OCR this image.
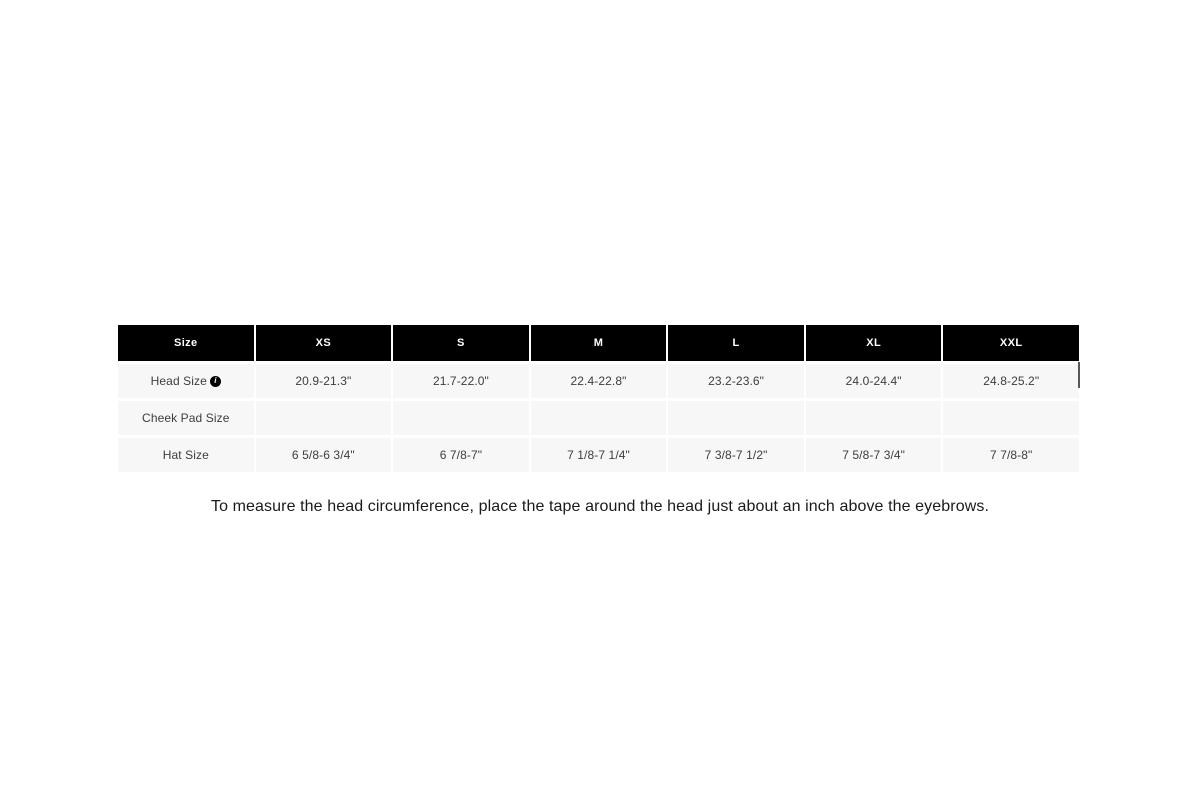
Size	XS	S	M	L	XL	XXL
Head Size i	20.9-21.3"	21.7-22.0"	22.4-22.8"	23.2-23.6"	24.0-24.4"	24.8-25.2"
Cheek Pad Size
Hat Size	6 5/8-6 3/4"	6 7/8-7"	7 1/8-7 1/4"	7 3/8-7 1/2"	7 5/8-7 3/4"	7 7/8-8"
To measure the head circumference, place the tape around the head just about an inch above the eyebrows.
